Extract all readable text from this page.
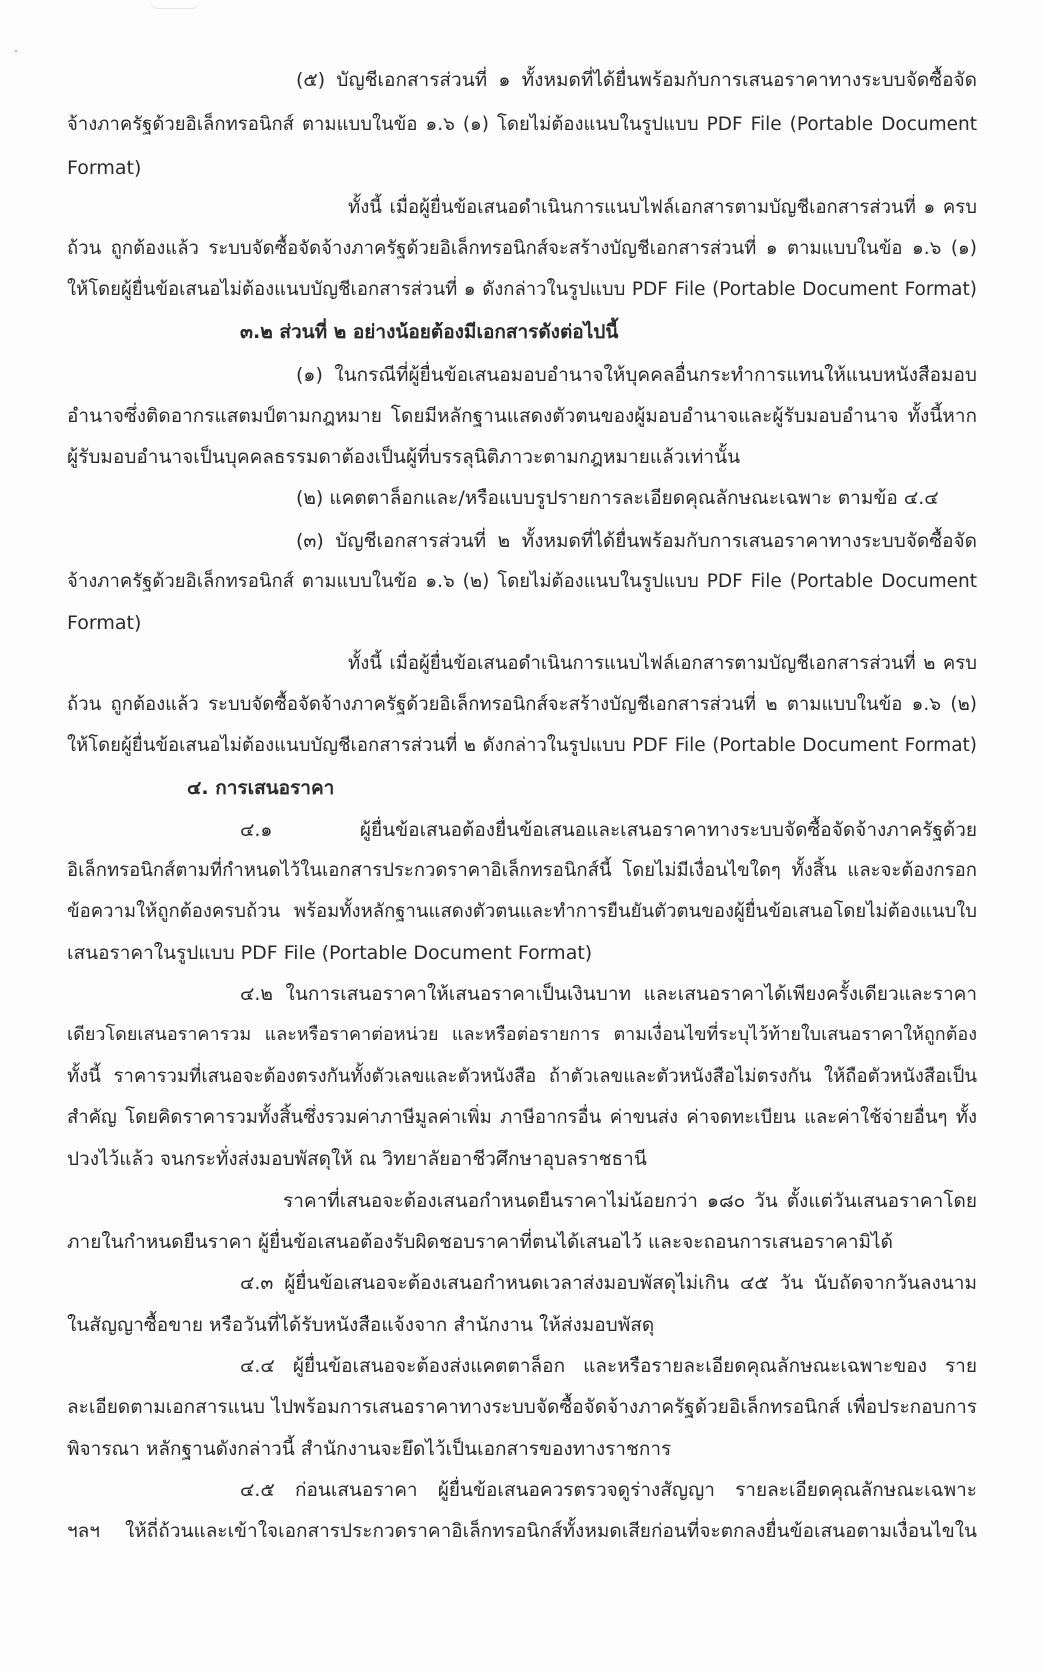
(๕) บัญชีเอกสารส่วนที่ ๑ ทั้งหมดที่ได้ยื่นพร้อมกับการเสนอราคาทางระบบจัดซื้อจัด

จ้างภาครัฐด้วยอิเล็กทรอนิกส์ ตามแบบในข้อ ๑.๖ (๑) โดยไม่ต้องแนบในรูปแบบ PDF File (Portable Document

Format)

ทั้งนี้ เมื่อผู้ยื่นข้อเสนอดำเนินการแนบไฟล์เอกสารตามบัญชีเอกสารส่วนที่ ๑ ครบ

ถ้วน ถูกต้องแล้ว ระบบจัดซื้อจัดจ้างภาครัฐด้วยอิเล็กทรอนิกส์จะสร้างบัญชีเอกสารส่วนที่ ๑ ตามแบบในข้อ ๑.๖ (๑)

ให้โดยผู้ยื่นข้อเสนอไม่ต้องแนบบัญชีเอกสารส่วนที่ ๑ ดังกล่าวในรูปแบบ PDF File (Portable Document Format)

๓.๒ ส่วนที่ ๒ อย่างน้อยต้องมีเอกสารดังต่อไปนี้

(๑) ในกรณีที่ผู้ยื่นข้อเสนอมอบอำนาจให้บุคคลอื่นกระทำการแทนให้แนบหนังสือมอบ

อำนาจซึ่งติดอากรแสตมป์ตามกฎหมาย โดยมีหลักฐานแสดงตัวตนของผู้มอบอำนาจและผู้รับมอบอำนาจ ทั้งนี้หาก

ผู้รับมอบอำนาจเป็นบุคคลธรรมดาต้องเป็นผู้ที่บรรลุนิติภาวะตามกฎหมายแล้วเท่านั้น

(๒) แคตตาล็อกและ/หรือแบบรูปรายการละเอียดคุณลักษณะเฉพาะ ตามข้อ ๔.๔

(๓) บัญชีเอกสารส่วนที่ ๒ ทั้งหมดที่ได้ยื่นพร้อมกับการเสนอราคาทางระบบจัดซื้อจัด

จ้างภาครัฐด้วยอิเล็กทรอนิกส์ ตามแบบในข้อ ๑.๖ (๒) โดยไม่ต้องแนบในรูปแบบ PDF File (Portable Document

Format)

ทั้งนี้ เมื่อผู้ยื่นข้อเสนอดำเนินการแนบไฟล์เอกสารตามบัญชีเอกสารส่วนที่ ๒ ครบ

ถ้วน ถูกต้องแล้ว ระบบจัดซื้อจัดจ้างภาครัฐด้วยอิเล็กทรอนิกส์จะสร้างบัญชีเอกสารส่วนที่ ๒ ตามแบบในข้อ ๑.๖ (๒)

ให้โดยผู้ยื่นข้อเสนอไม่ต้องแนบบัญชีเอกสารส่วนที่ ๒ ดังกล่าวในรูปแบบ PDF File (Portable Document Format)

๔. การเสนอราคา

๔.๑ ผู้ยื่นข้อเสนอต้องยื่นข้อเสนอและเสนอราคาทางระบบจัดซื้อจัดจ้างภาครัฐด้วย

อิเล็กทรอนิกส์ตามที่กำหนดไว้ในเอกสารประกวดราคาอิเล็กทรอนิกส์นี้ โดยไม่มีเงื่อนไขใดๆ ทั้งสิ้น และจะต้องกรอก

ข้อความให้ถูกต้องครบถ้วน พร้อมทั้งหลักฐานแสดงตัวตนและทำการยืนยันตัวตนของผู้ยื่นข้อเสนอโดยไม่ต้องแนบใบ

เสนอราคาในรูปแบบ PDF File (Portable Document Format)

๔.๒ ในการเสนอราคาให้เสนอราคาเป็นเงินบาท และเสนอราคาได้เพียงครั้งเดียวและราคา

เดียวโดยเสนอราคารวม และหรือราคาต่อหน่วย และหรือต่อรายการ ตามเงื่อนไขที่ระบุไว้ท้ายใบเสนอราคาให้ถูกต้อง

ทั้งนี้ ราคารวมที่เสนอจะต้องตรงกันทั้งตัวเลขและตัวหนังสือ ถ้าตัวเลขและตัวหนังสือไม่ตรงกัน ให้ถือตัวหนังสือเป็น

สำคัญ โดยคิดราคารวมทั้งสิ้นซึ่งรวมค่าภาษีมูลค่าเพิ่ม ภาษีอากรอื่น ค่าขนส่ง ค่าจดทะเบียน และค่าใช้จ่ายอื่นๆ ทั้ง

ปวงไว้แล้ว จนกระทั่งส่งมอบพัสดุให้ ณ วิทยาลัยอาชีวศึกษาอุบลราชธานี

ราคาที่เสนอจะต้องเสนอกำหนดยืนราคาไม่น้อยกว่า ๑๘๐ วัน ตั้งแต่วันเสนอราคาโดย

ภายในกำหนดยืนราคา ผู้ยื่นข้อเสนอต้องรับผิดชอบราคาที่ตนได้เสนอไว้ และจะถอนการเสนอราคามิได้

๔.๓ ผู้ยื่นข้อเสนอจะต้องเสนอกำหนดเวลาส่งมอบพัสดุไม่เกิน ๔๕ วัน นับถัดจากวันลงนาม

ในสัญญาซื้อขาย หรือวันที่ได้รับหนังสือแจ้งจาก สำนักงาน ให้ส่งมอบพัสดุ

๔.๔ ผู้ยื่นข้อเสนอจะต้องส่งแคตตาล็อก และหรือรายละเอียดคุณลักษณะเฉพาะของ ราย

ละเอียดตามเอกสารแนบ ไปพร้อมการเสนอราคาทางระบบจัดซื้อจัดจ้างภาครัฐด้วยอิเล็กทรอนิกส์ เพื่อประกอบการ

พิจารณา หลักฐานดังกล่าวนี้ สำนักงานจะยึดไว้เป็นเอกสารของทางราชการ

๔.๕ ก่อนเสนอราคา ผู้ยื่นข้อเสนอควรตรวจดูร่างสัญญา รายละเอียดคุณลักษณะเฉพาะ

ฯลฯ ให้ถี่ถ้วนและเข้าใจเอกสารประกวดราคาอิเล็กทรอนิกส์ทั้งหมดเสียก่อนที่จะตกลงยื่นข้อเสนอตามเงื่อนไขใน
